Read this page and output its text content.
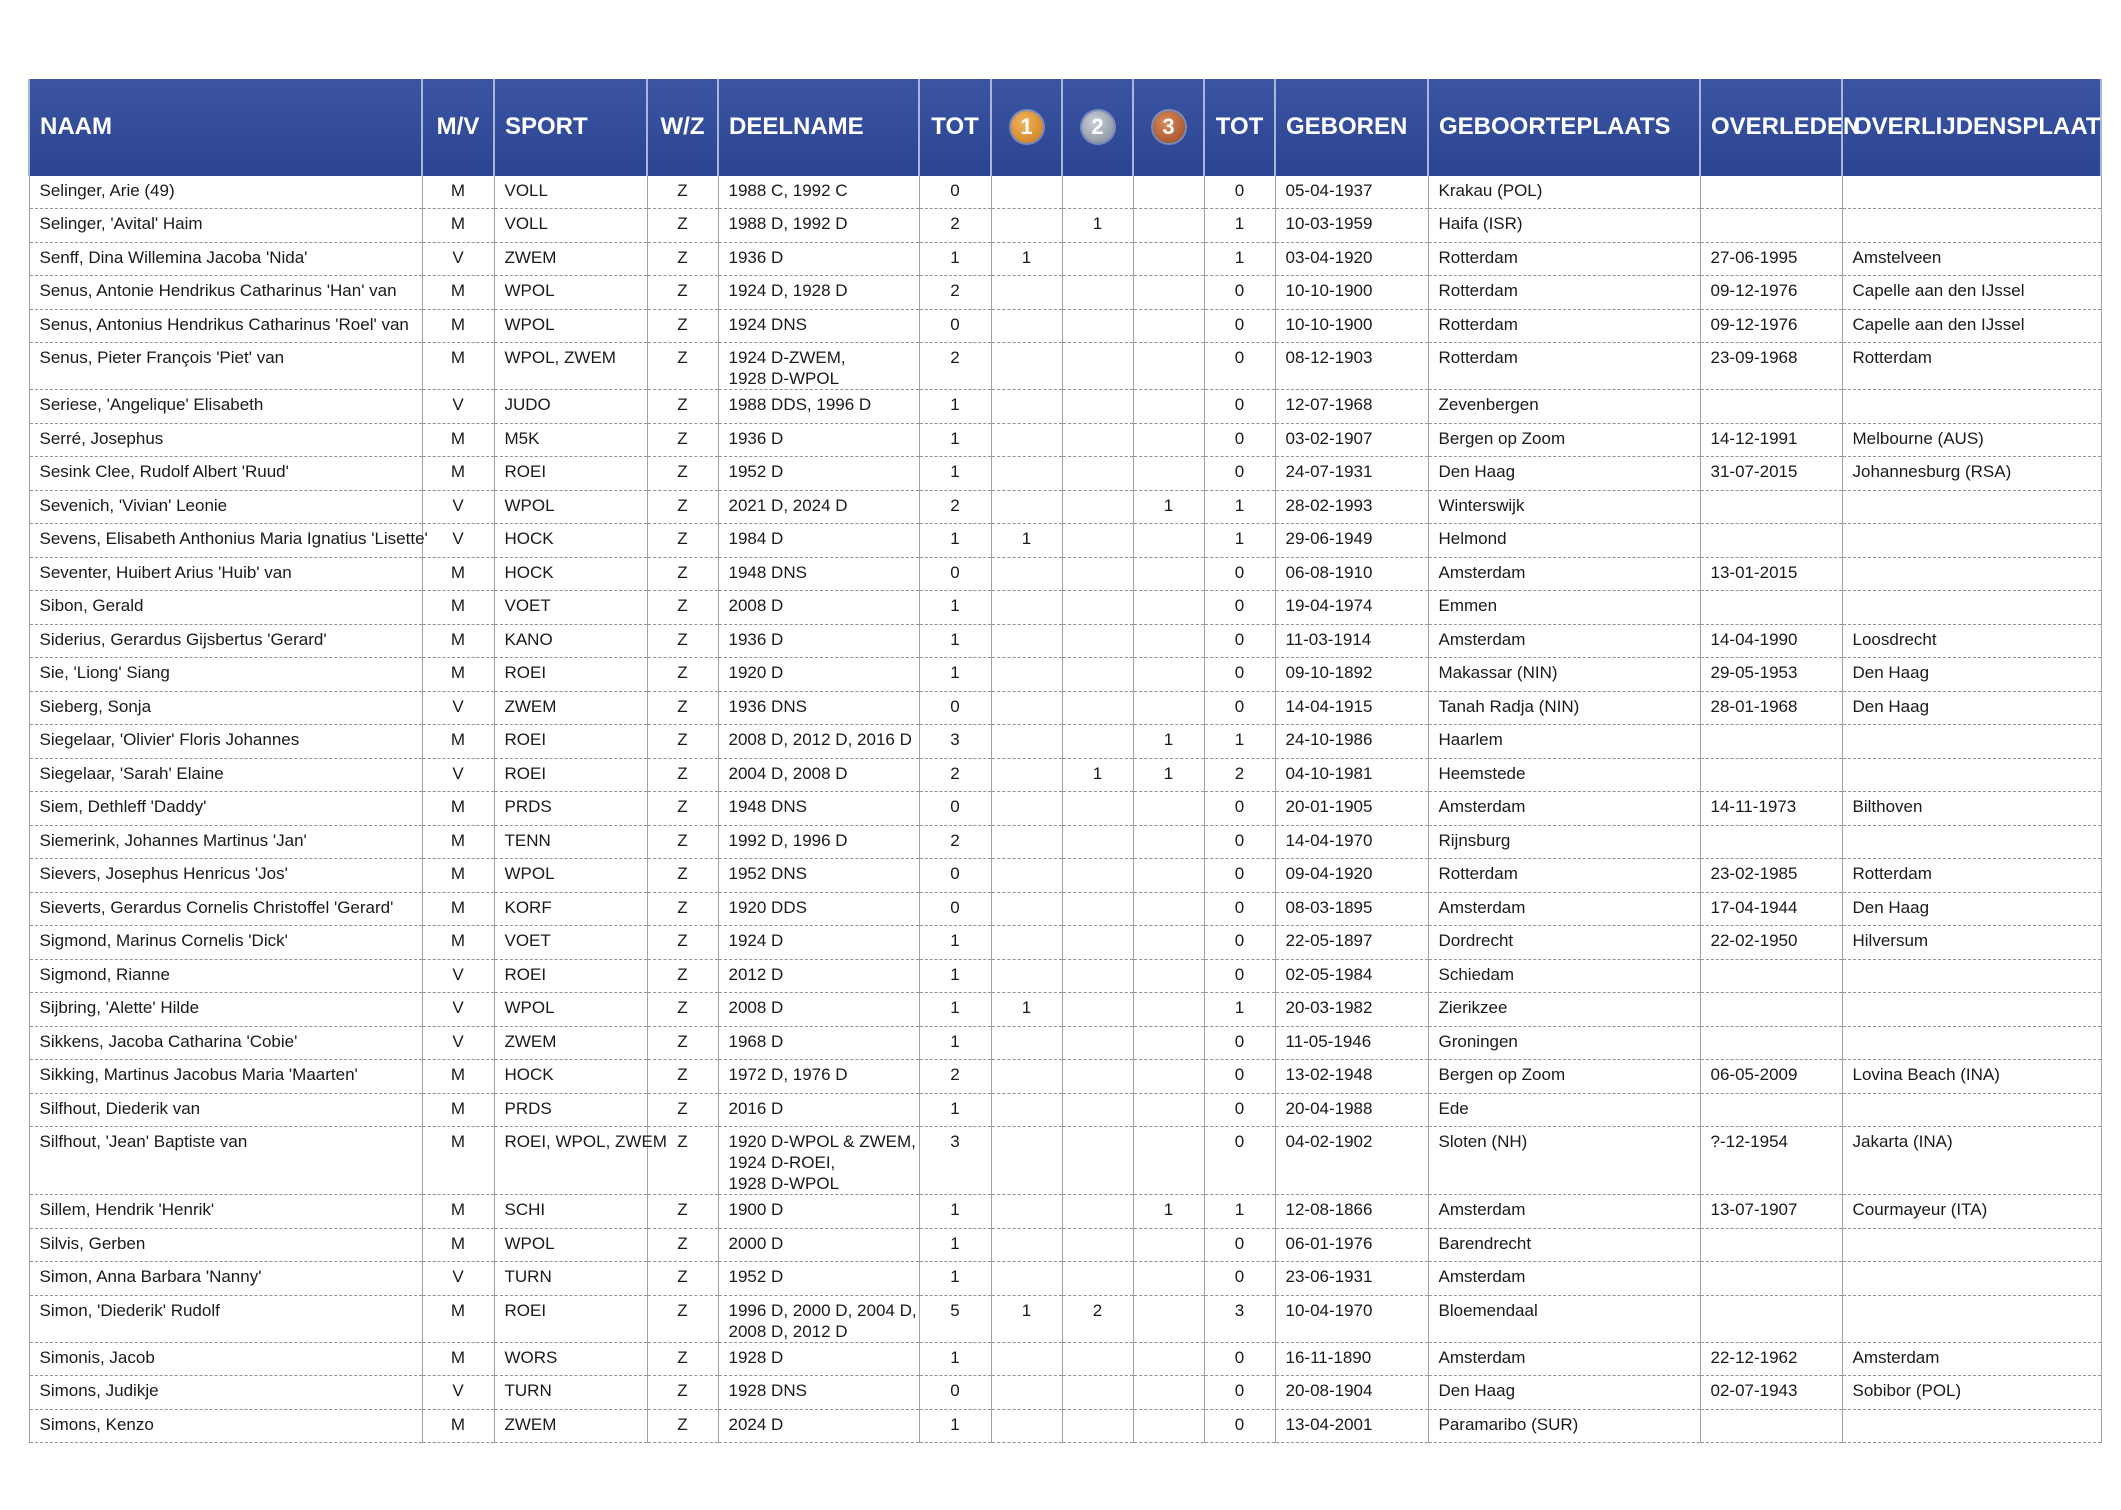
NAAM	M/V	SPORT	W/Z	DEELNAME	TOT	1	2	3	TOT	GEBOREN	GEBOORTEPLAATS	OVERLEDEN	OVERLIJDENSPLAATS
Selinger, Arie (49)	M	VOLL	Z	1988 C, 1992 C	0				0	05-04-1937	Krakau (POL)		
Selinger, 'Avital' Haim	M	VOLL	Z	1988 D, 1992 D	2		1		1	10-03-1959	Haifa (ISR)		
Senff, Dina Willemina Jacoba 'Nida'	V	ZWEM	Z	1936 D	1	1			1	03-04-1920	Rotterdam	27-06-1995	Amstelveen
Senus, Antonie Hendrikus Catharinus 'Han' van	M	WPOL	Z	1924 D, 1928 D	2				0	10-10-1900	Rotterdam	09-12-1976	Capelle aan den IJssel
Senus, Antonius Hendrikus Catharinus 'Roel' van	M	WPOL	Z	1924 DNS	0				0	10-10-1900	Rotterdam	09-12-1976	Capelle aan den IJssel
Senus, Pieter François 'Piet' van	M	WPOL, ZWEM	Z	1924 D-ZWEM,
1928 D-WPOL	2				0	08-12-1903	Rotterdam	23-09-1968	Rotterdam
Seriese, 'Angelique' Elisabeth	V	JUDO	Z	1988 DDS, 1996 D	1				0	12-07-1968	Zevenbergen		
Serré, Josephus	M	M5K	Z	1936 D	1				0	03-02-1907	Bergen op Zoom	14-12-1991	Melbourne (AUS)
Sesink Clee, Rudolf Albert 'Ruud'	M	ROEI	Z	1952 D	1				0	24-07-1931	Den Haag	31-07-2015	Johannesburg (RSA)
Sevenich, 'Vivian' Leonie	V	WPOL	Z	2021 D, 2024 D	2			1	1	28-02-1993	Winterswijk		
Sevens, Elisabeth Anthonius Maria Ignatius 'Lisette'	V	HOCK	Z	1984 D	1	1			1	29-06-1949	Helmond		
Seventer, Huibert Arius 'Huib' van	M	HOCK	Z	1948 DNS	0				0	06-08-1910	Amsterdam	13-01-2015	
Sibon, Gerald	M	VOET	Z	2008 D	1				0	19-04-1974	Emmen		
Siderius, Gerardus Gijsbertus 'Gerard'	M	KANO	Z	1936 D	1				0	11-03-1914	Amsterdam	14-04-1990	Loosdrecht
Sie, 'Liong' Siang	M	ROEI	Z	1920 D	1				0	09-10-1892	Makassar (NIN)	29-05-1953	Den Haag
Sieberg, Sonja	V	ZWEM	Z	1936 DNS	0				0	14-04-1915	Tanah Radja (NIN)	28-01-1968	Den Haag
Siegelaar, 'Olivier' Floris Johannes	M	ROEI	Z	2008 D, 2012 D, 2016 D	3			1	1	24-10-1986	Haarlem		
Siegelaar, 'Sarah' Elaine	V	ROEI	Z	2004 D, 2008 D	2		1	1	2	04-10-1981	Heemstede		
Siem, Dethleff 'Daddy'	M	PRDS	Z	1948 DNS	0				0	20-01-1905	Amsterdam	14-11-1973	Bilthoven
Siemerink, Johannes Martinus 'Jan'	M	TENN	Z	1992 D, 1996 D	2				0	14-04-1970	Rijnsburg		
Sievers, Josephus Henricus 'Jos'	M	WPOL	Z	1952 DNS	0				0	09-04-1920	Rotterdam	23-02-1985	Rotterdam
Sieverts, Gerardus Cornelis Christoffel 'Gerard'	M	KORF	Z	1920 DDS	0				0	08-03-1895	Amsterdam	17-04-1944	Den Haag
Sigmond, Marinus Cornelis 'Dick'	M	VOET	Z	1924 D	1				0	22-05-1897	Dordrecht	22-02-1950	Hilversum
Sigmond, Rianne	V	ROEI	Z	2012 D	1				0	02-05-1984	Schiedam		
Sijbring, 'Alette' Hilde	V	WPOL	Z	2008 D	1	1			1	20-03-1982	Zierikzee		
Sikkens, Jacoba Catharina 'Cobie'	V	ZWEM	Z	1968 D	1				0	11-05-1946	Groningen		
Sikking, Martinus Jacobus Maria 'Maarten'	M	HOCK	Z	1972 D, 1976 D	2				0	13-02-1948	Bergen op Zoom	06-05-2009	Lovina Beach (INA)
Silfhout, Diederik van	M	PRDS	Z	2016 D	1				0	20-04-1988	Ede		
Silfhout, 'Jean' Baptiste van	M	ROEI, WPOL, ZWEM	Z	1920 D-WPOL & ZWEM,
1924 D-ROEI,
1928 D-WPOL	3				0	04-02-1902	Sloten (NH)	?-12-1954	Jakarta (INA)
Sillem, Hendrik 'Henrik'	M	SCHI	Z	1900 D	1			1	1	12-08-1866	Amsterdam	13-07-1907	Courmayeur (ITA)
Silvis, Gerben	M	WPOL	Z	2000 D	1				0	06-01-1976	Barendrecht		
Simon, Anna Barbara 'Nanny'	V	TURN	Z	1952 D	1				0	23-06-1931	Amsterdam		
Simon, 'Diederik' Rudolf	M	ROEI	Z	1996 D, 2000 D, 2004 D,
2008 D, 2012 D	5	1	2		3	10-04-1970	Bloemendaal		
Simonis, Jacob	M	WORS	Z	1928 D	1				0	16-11-1890	Amsterdam	22-12-1962	Amsterdam
Simons, Judikje	V	TURN	Z	1928 DNS	0				0	20-08-1904	Den Haag	02-07-1943	Sobibor (POL)
Simons, Kenzo	M	ZWEM	Z	2024 D	1				0	13-04-2001	Paramaribo (SUR)		
